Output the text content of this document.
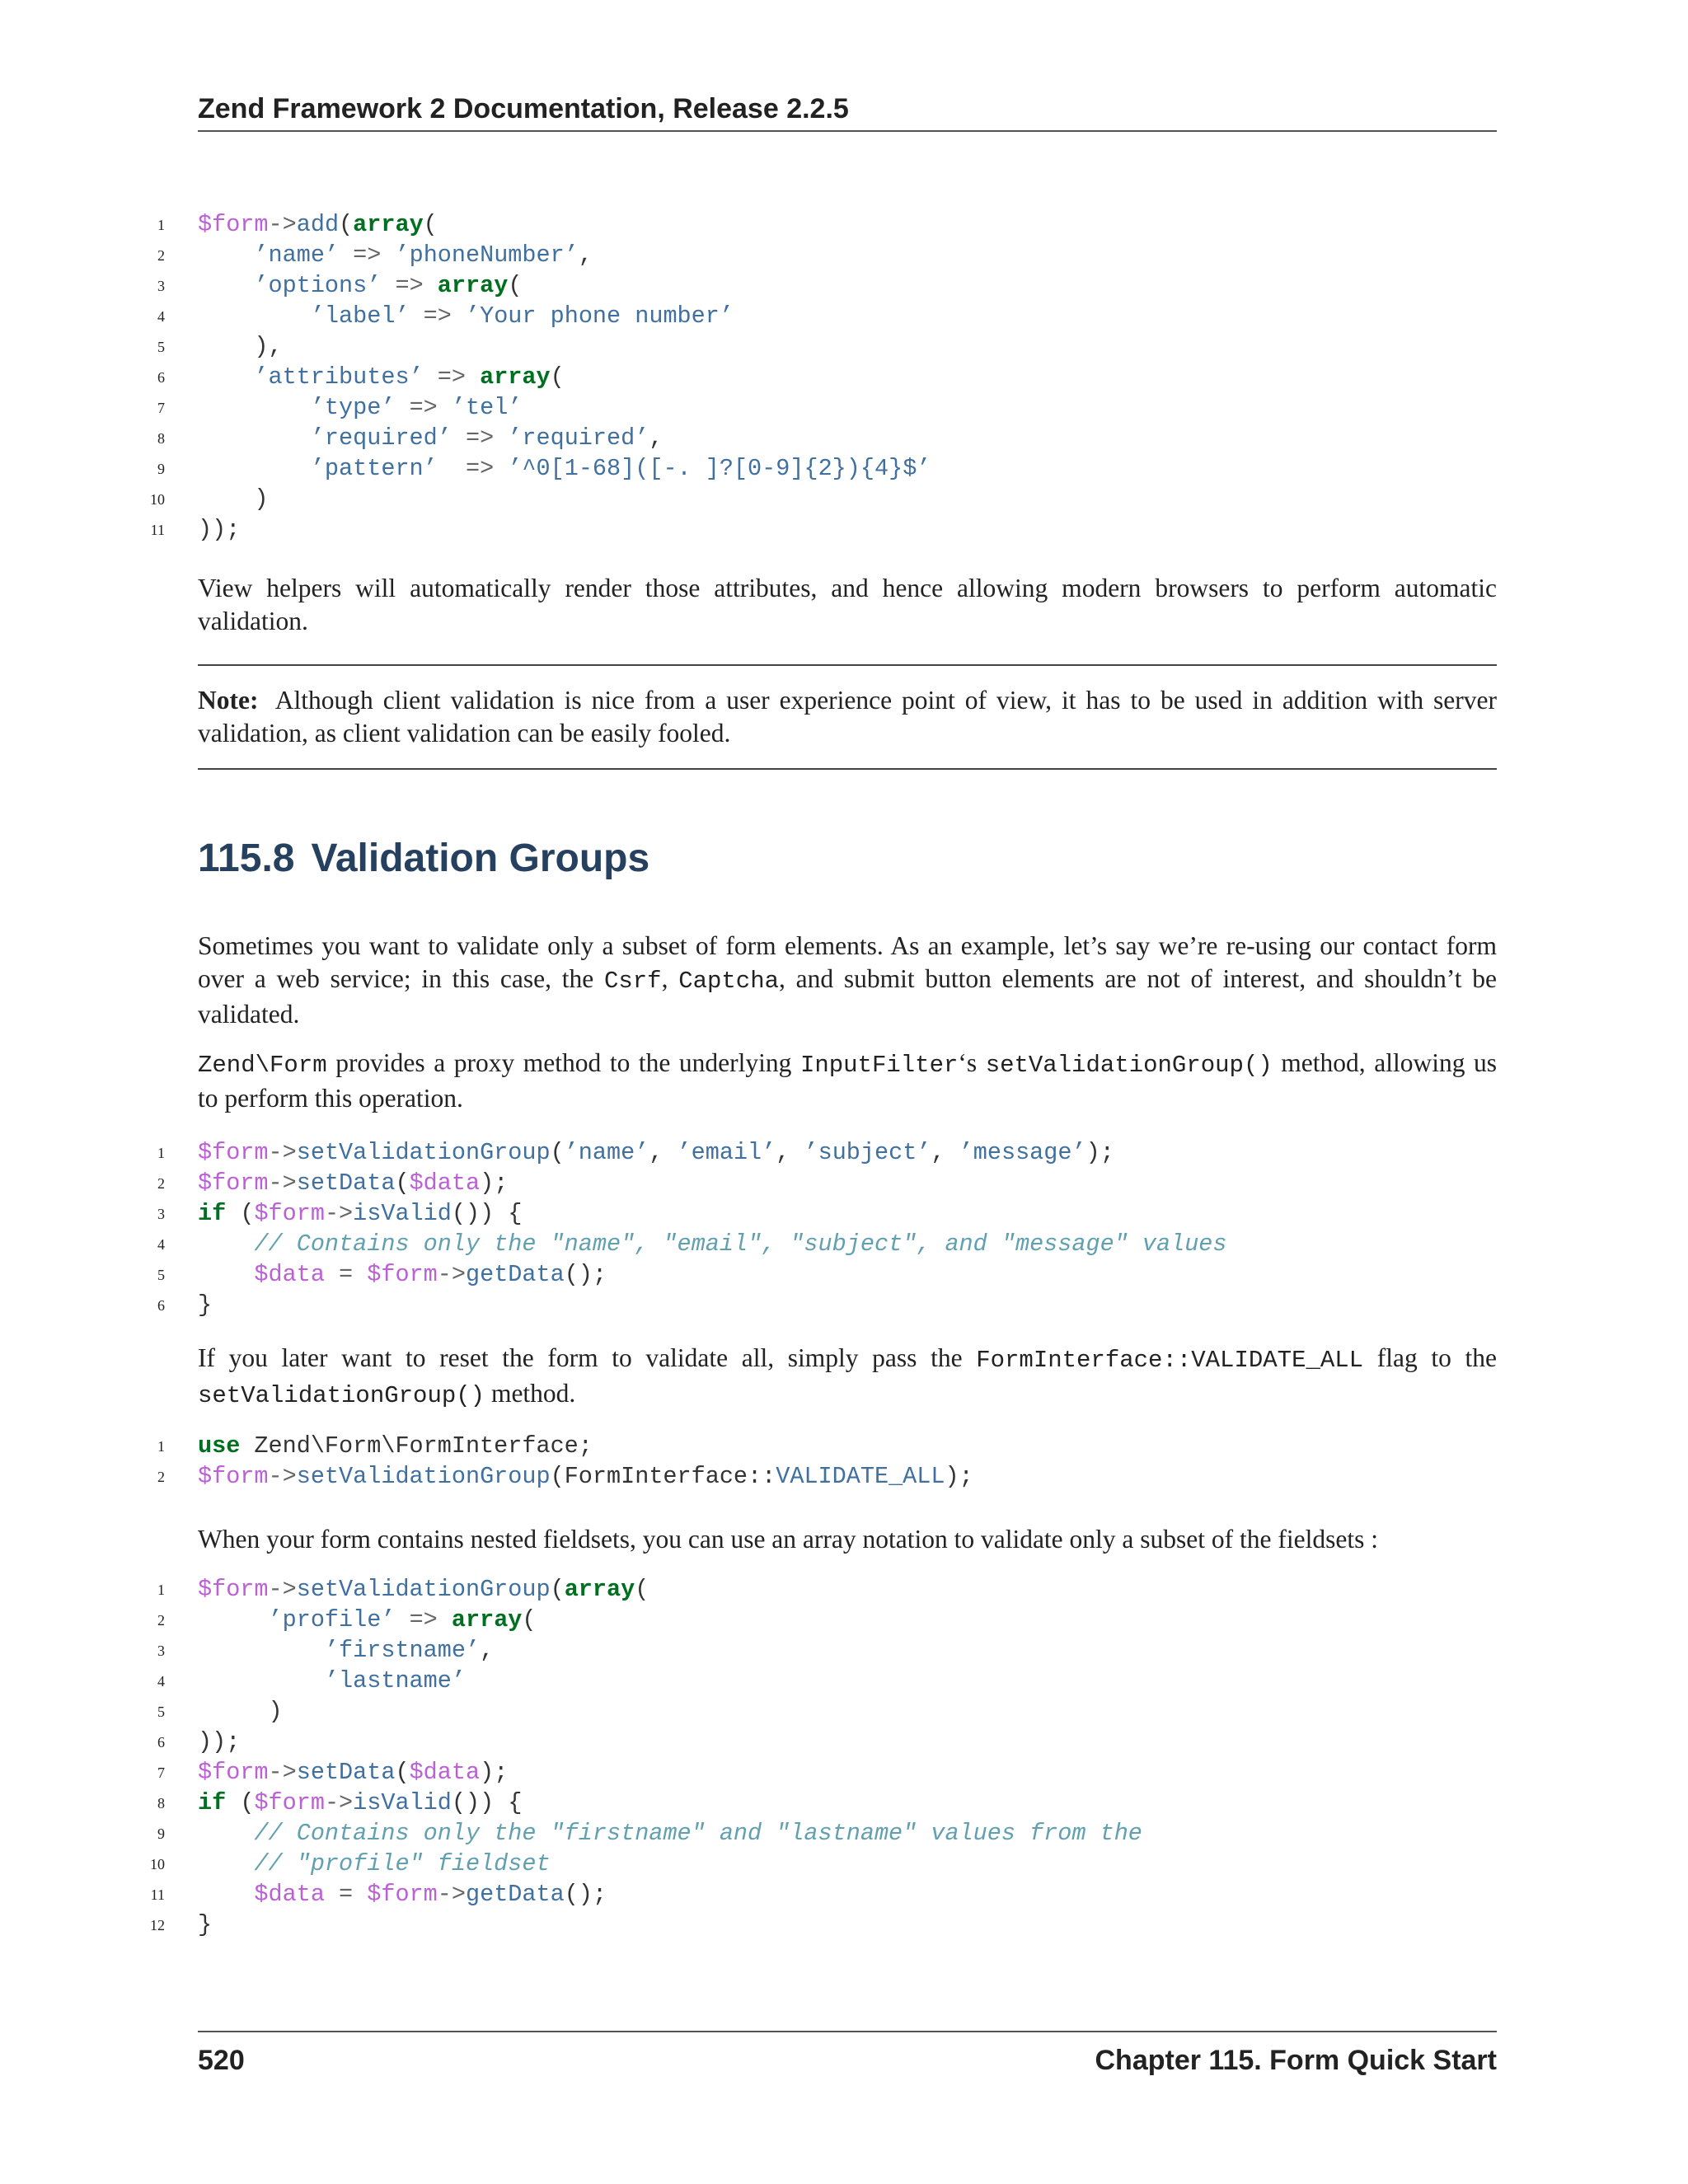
Zend Framework 2 Documentation, Release 2.2.5
1 $form->add(array(
2	’name’ => ’phoneNumber’,
3	’options’ => array(
4	’label’ => ’Your phone number’
5 ),
6	’attributes’ => array(
7	’type’ => ’tel’
8	’required’ => ’required’,
9	’pattern’ => ’^0[1-68]([-. ]?[0-9]{2}){4}$’
10 )
11 ));

View helpers will automatically render those attributes, and hence allowing modern browsers to perform automatic validation.

Note: Although client validation is nice from a user experience point of view, it has to be used in addition with server validation, as client validation can be easily fooled.
115.8 Validation Groups

Sometimes you want to validate only a subset of form elements. As an example, let’s say we’re re-using our contact form over a web service; in this case, the Csrf, Captcha, and submit button elements are not of interest, and shouldn’t be validated.

Zend\Form provides a proxy method to the underlying InputFilter‘s setValidationGroup() method, allowing us to perform this operation.

1 $form->setValidationGroup(’name’, ’email’, ’subject’, ’message’);
2 $form->setData($data);
3 if ($form->isValid()) {
4	// Contains only the "name", "email", "subject", and "message" values
5	$data = $form->getData();
6 }

If you later want to reset the form to validate all, simply pass the FormInterface::VALIDATE_ALL flag to the setValidationGroup() method.

1 use Zend\Form\FormInterface;
2 $form->setValidationGroup(FormInterface::VALIDATE_ALL);

When your form contains nested fieldsets, you can use an array notation to validate only a subset of the fieldsets :

1 $form->setValidationGroup(array(
2	’profile’ => array(
3	’firstname’,
4	’lastname’
5 )
6 ));
7 $form->setData($data);
8 if ($form->isValid()) {
9	// Contains only the "firstname" and "lastname" values from the
10	// "profile" fieldset
11	$data = $form->getData();
12 }
520	Chapter 115. Form Quick Start
